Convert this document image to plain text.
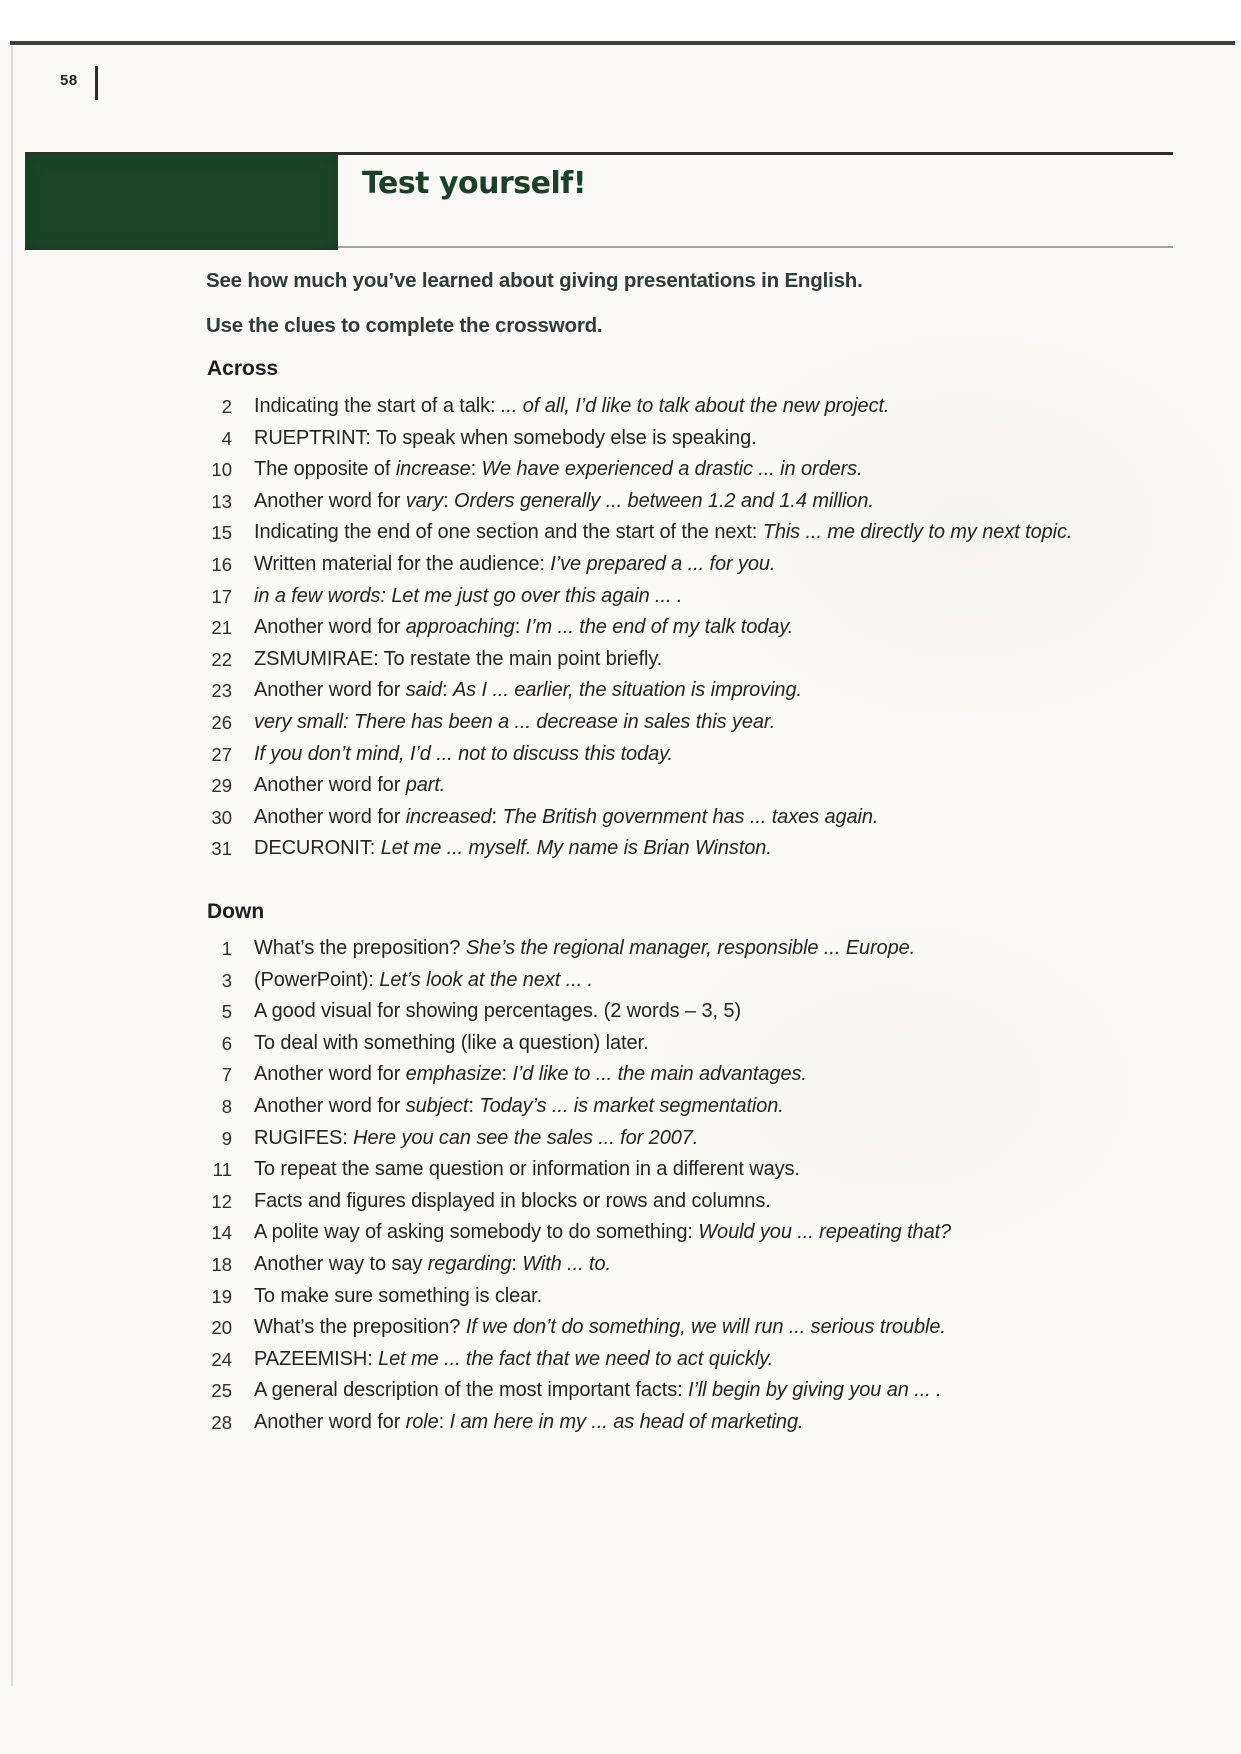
58
Test yourself!
See how much you’ve learned about giving presentations in English.
Use the clues to complete the crossword.
Across
2 Indicating the start of a talk: ... of all, I’d like to talk about the new project.
4 RUEPTRINT: To speak when somebody else is speaking.
10 The opposite of increase: We have experienced a drastic ... in orders.
13 Another word for vary: Orders generally ... between 1.2 and 1.4 million.
15 Indicating the end of one section and the start of the next: This ... me directly to my next topic.
16 Written material for the audience: I’ve prepared a ... for you.
17 in a few words: Let me just go over this again ... .
21 Another word for approaching: I’m ... the end of my talk today.
22 ZSMUMIRAE: To restate the main point briefly.
23 Another word for said: As I ... earlier, the situation is improving.
26 very small: There has been a ... decrease in sales this year.
27 If you don’t mind, I’d ... not to discuss this today.
29 Another word for part.
30 Another word for increased: The British government has ... taxes again.
31 DECURONIT: Let me ... myself. My name is Brian Winston.
Down
1 What’s the preposition? She’s the regional manager, responsible ... Europe.
3 (PowerPoint): Let’s look at the next ... .
5 A good visual for showing percentages. (2 words – 3, 5)
6 To deal with something (like a question) later.
7 Another word for emphasize: I’d like to ... the main advantages.
8 Another word for subject: Today’s ... is market segmentation.
9 RUGIFES: Here you can see the sales ... for 2007.
11 To repeat the same question or information in a different ways.
12 Facts and figures displayed in blocks or rows and columns.
14 A polite way of asking somebody to do something: Would you ... repeating that?
18 Another way to say regarding: With ... to.
19 To make sure something is clear.
20 What’s the preposition? If we don’t do something, we will run ... serious trouble.
24 PAZEEMISH: Let me ... the fact that we need to act quickly.
25 A general description of the most important facts: I’ll begin by giving you an ... .
28 Another word for role: I am here in my ... as head of marketing.
